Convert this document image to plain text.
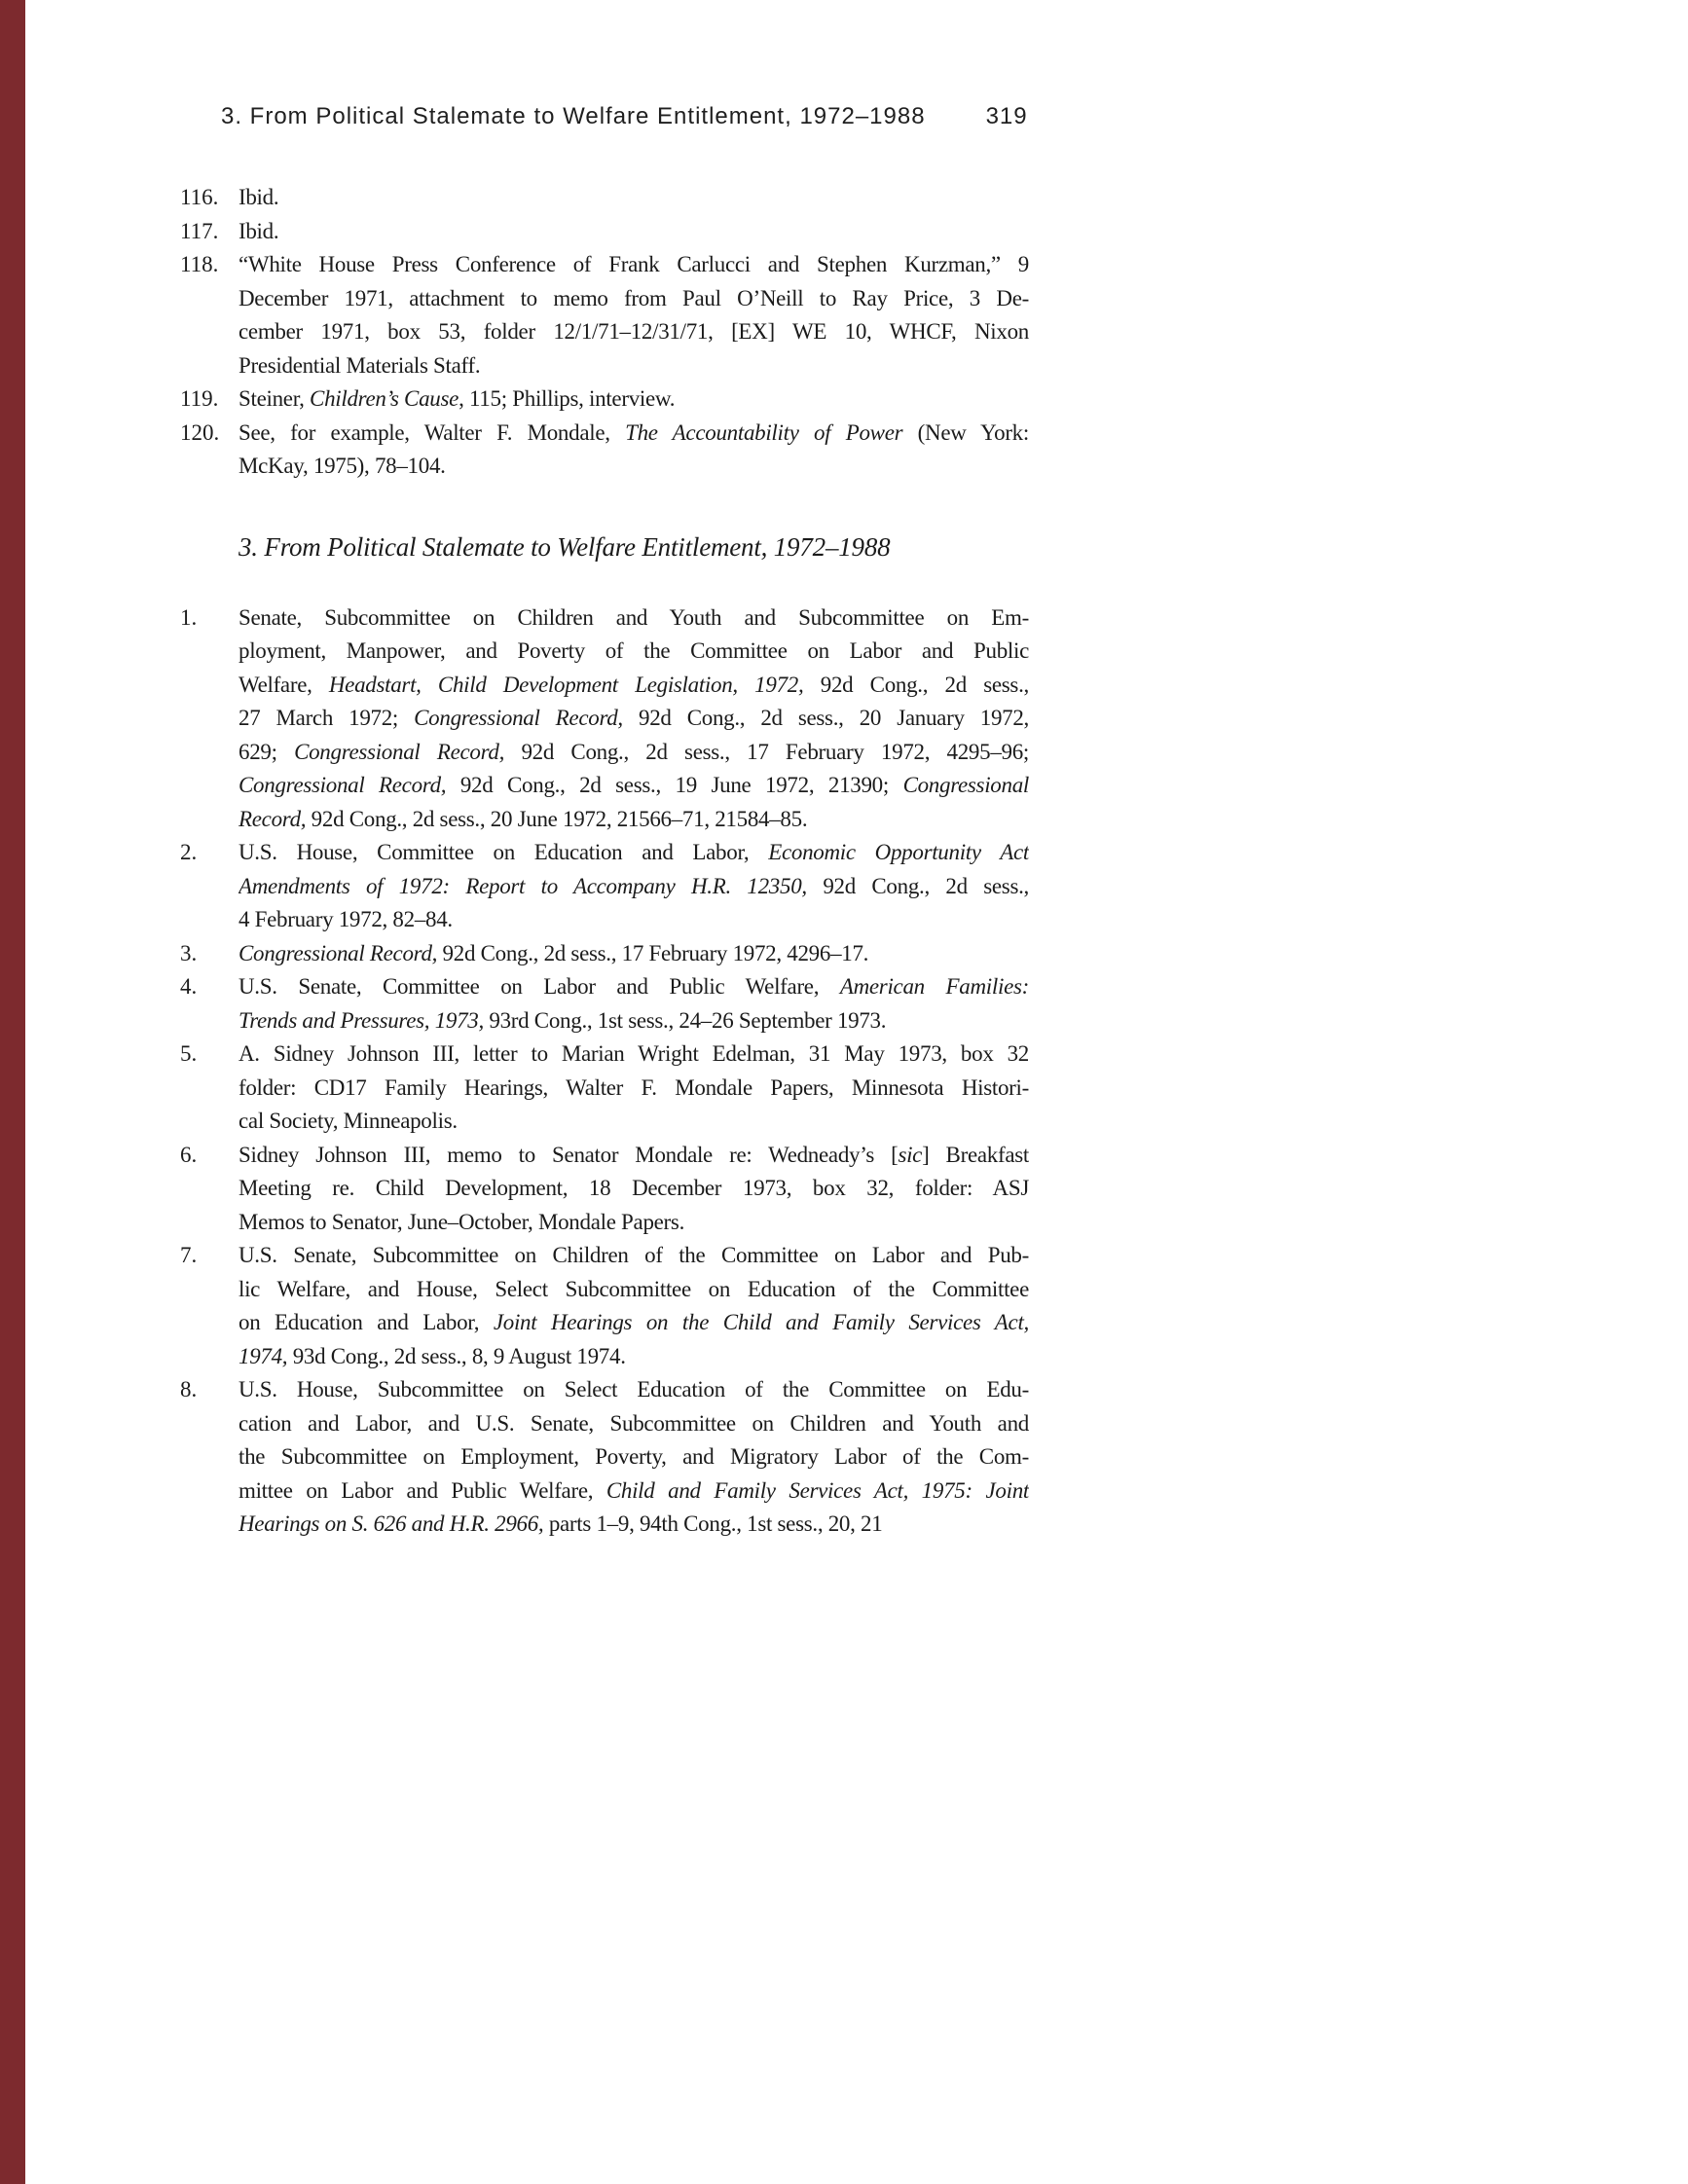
3. From Political Stalemate to Welfare Entitlement, 1972–1988	319
116. Ibid.
117. Ibid.
118. “White House Press Conference of Frank Carlucci and Stephen Kurzman,” 9
December 1971, attachment to memo from Paul O’Neill to Ray Price, 3 De-
cember 1971, box 53, folder 12/1/71–12/31/71, [EX] WE 10, WHCF, Nixon
Presidential Materials Staff.
119. Steiner, Children’s Cause, 115; Phillips, interview.
120. See, for example, Walter F. Mondale, The Accountability of Power (New York:
McKay, 1975), 78–104.
3. From Political Stalemate to Welfare Entitlement, 1972–1988
1.	Senate, Subcommittee on Children and Youth and Subcommittee on Em-
ployment, Manpower, and Poverty of the Committee on Labor and Public
Welfare, Headstart, Child Development Legislation, 1972, 92d Cong., 2d sess.,
27 March 1972; Congressional Record, 92d Cong., 2d sess., 20 January 1972,
629; Congressional Record, 92d Cong., 2d sess., 17 February 1972, 4295–96;
Congressional Record, 92d Cong., 2d sess., 19 June 1972, 21390; Congressional
Record, 92d Cong., 2d sess., 20 June 1972, 21566–71, 21584–85.
2.	U.S. House, Committee on Education and Labor, Economic Opportunity Act
Amendments of 1972: Report to Accompany H.R. 12350, 92d Cong., 2d sess.,
4 February 1972, 82–84.
3.	Congressional Record, 92d Cong., 2d sess., 17 February 1972, 4296–17.
4.	U.S. Senate, Committee on Labor and Public Welfare, American Families:
Trends and Pressures, 1973, 93rd Cong., 1st sess., 24–26 September 1973.
5.	A. Sidney Johnson III, letter to Marian Wright Edelman, 31 May 1973, box 32
folder: CD17 Family Hearings, Walter F. Mondale Papers, Minnesota Histori-
cal Society, Minneapolis.
6.	Sidney Johnson III, memo to Senator Mondale re: Wedneady’s [sic] Breakfast
Meeting re. Child Development, 18 December 1973, box 32, folder: ASJ
Memos to Senator, June–October, Mondale Papers.
7.	U.S. Senate, Subcommittee on Children of the Committee on Labor and Pub-
lic Welfare, and House, Select Subcommittee on Education of the Committee
on Education and Labor, Joint Hearings on the Child and Family Services Act,
1974, 93d Cong., 2d sess., 8, 9 August 1974.
8.	U.S. House, Subcommittee on Select Education of the Committee on Edu-
cation and Labor, and U.S. Senate, Subcommittee on Children and Youth and
the Subcommittee on Employment, Poverty, and Migratory Labor of the Com-
mittee on Labor and Public Welfare, Child and Family Services Act, 1975: Joint
Hearings on S. 626 and H.R. 2966, parts 1–9, 94th Cong., 1st sess., 20, 21
